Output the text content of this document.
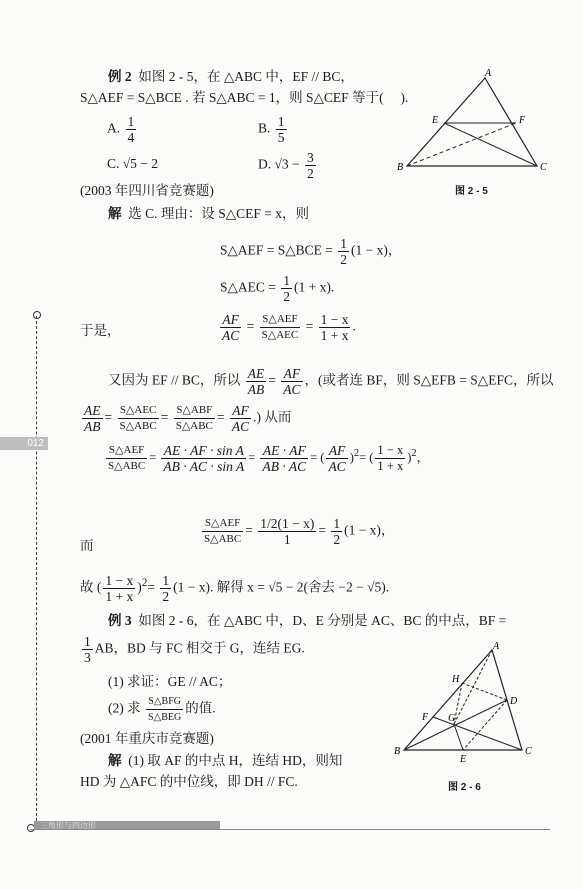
例 2 如图 2 - 5，在 △ABC 中，EF // BC，
S△AEF = S△BCE . 若 S△ABC = 1，则 S△CEF 等于( ).
A. $\frac{1}{4}$	B. $\frac{1}{5}$
C. √5 − 2	D. $√3 - \frac{3}{2}$
(2003 年四川省竞赛题)
A
B	C
E	F
图 2 - 5
解 选 C. 理由：设 S△CEF = x，则
S△AEF = S△BCE = $\frac{1}{2} (1 - x)$，
S△AEC = $\frac{1}{2} (1 + x)$.
于是，	$\frac{AF}{AC} = \frac{\text{S△AEF}}{\text{S△AEC}} = \frac{1 - x}{1 + x}$ .
又因为 EF // BC，所以 $\frac{AE}{AB} = \frac{AF}{AC}$ ，(或者连 BF，则 S△EFB = S△EFC，所以
$\frac{AE}{AB} = \frac{\text{S△AEC}}{\text{S△ABC}} = \frac{\text{S△ABF}}{\text{S△ABC}} = \frac{AF}{AC}$ .) 从而
$\frac{\text{S△AEF}}{\text{S△ABC}} = \frac{\text{AE · AF · sin A}}{\text{AB · AC · sin A}} = \frac{AE \cdot AF}{AB \cdot AC}$ = ( $\frac{AF}{AC} )^2=$ ( $\frac{1 - x}{1 + x} )^2$，
而	$\frac{\text{S△AEF}}{\text{S△ABC}} = \frac{1/2(1 - x)}{1} = \frac{1}{2} (1 - x)$，
故 ( $\frac{1 - x}{1 + x} )^2= \frac{1}{2} (1 - x)$. 解得 x = √5 − 2(舍去 −2 − √5).
例 3 如图 2 - 6，在 △ABC 中，D、E 分别是 AC、BC 的中点，BF =
$\frac{1}{3}$ AB，BD 与 FC 相交于 G，连结 EG.
(1) 求证：GE // AC；
(2) 求 $\frac{\text{S△BFG}}{\text{S△BEG}}$ 的值.
(2001 年重庆市竞赛题)
解 (1) 取 AF 的中点 H，连结 HD，则知
HD 为 △AFC 的中位线，即 DH // FC.
A
B	C
D
E
F G
H
图 2 - 6
012
三角形与四边形
